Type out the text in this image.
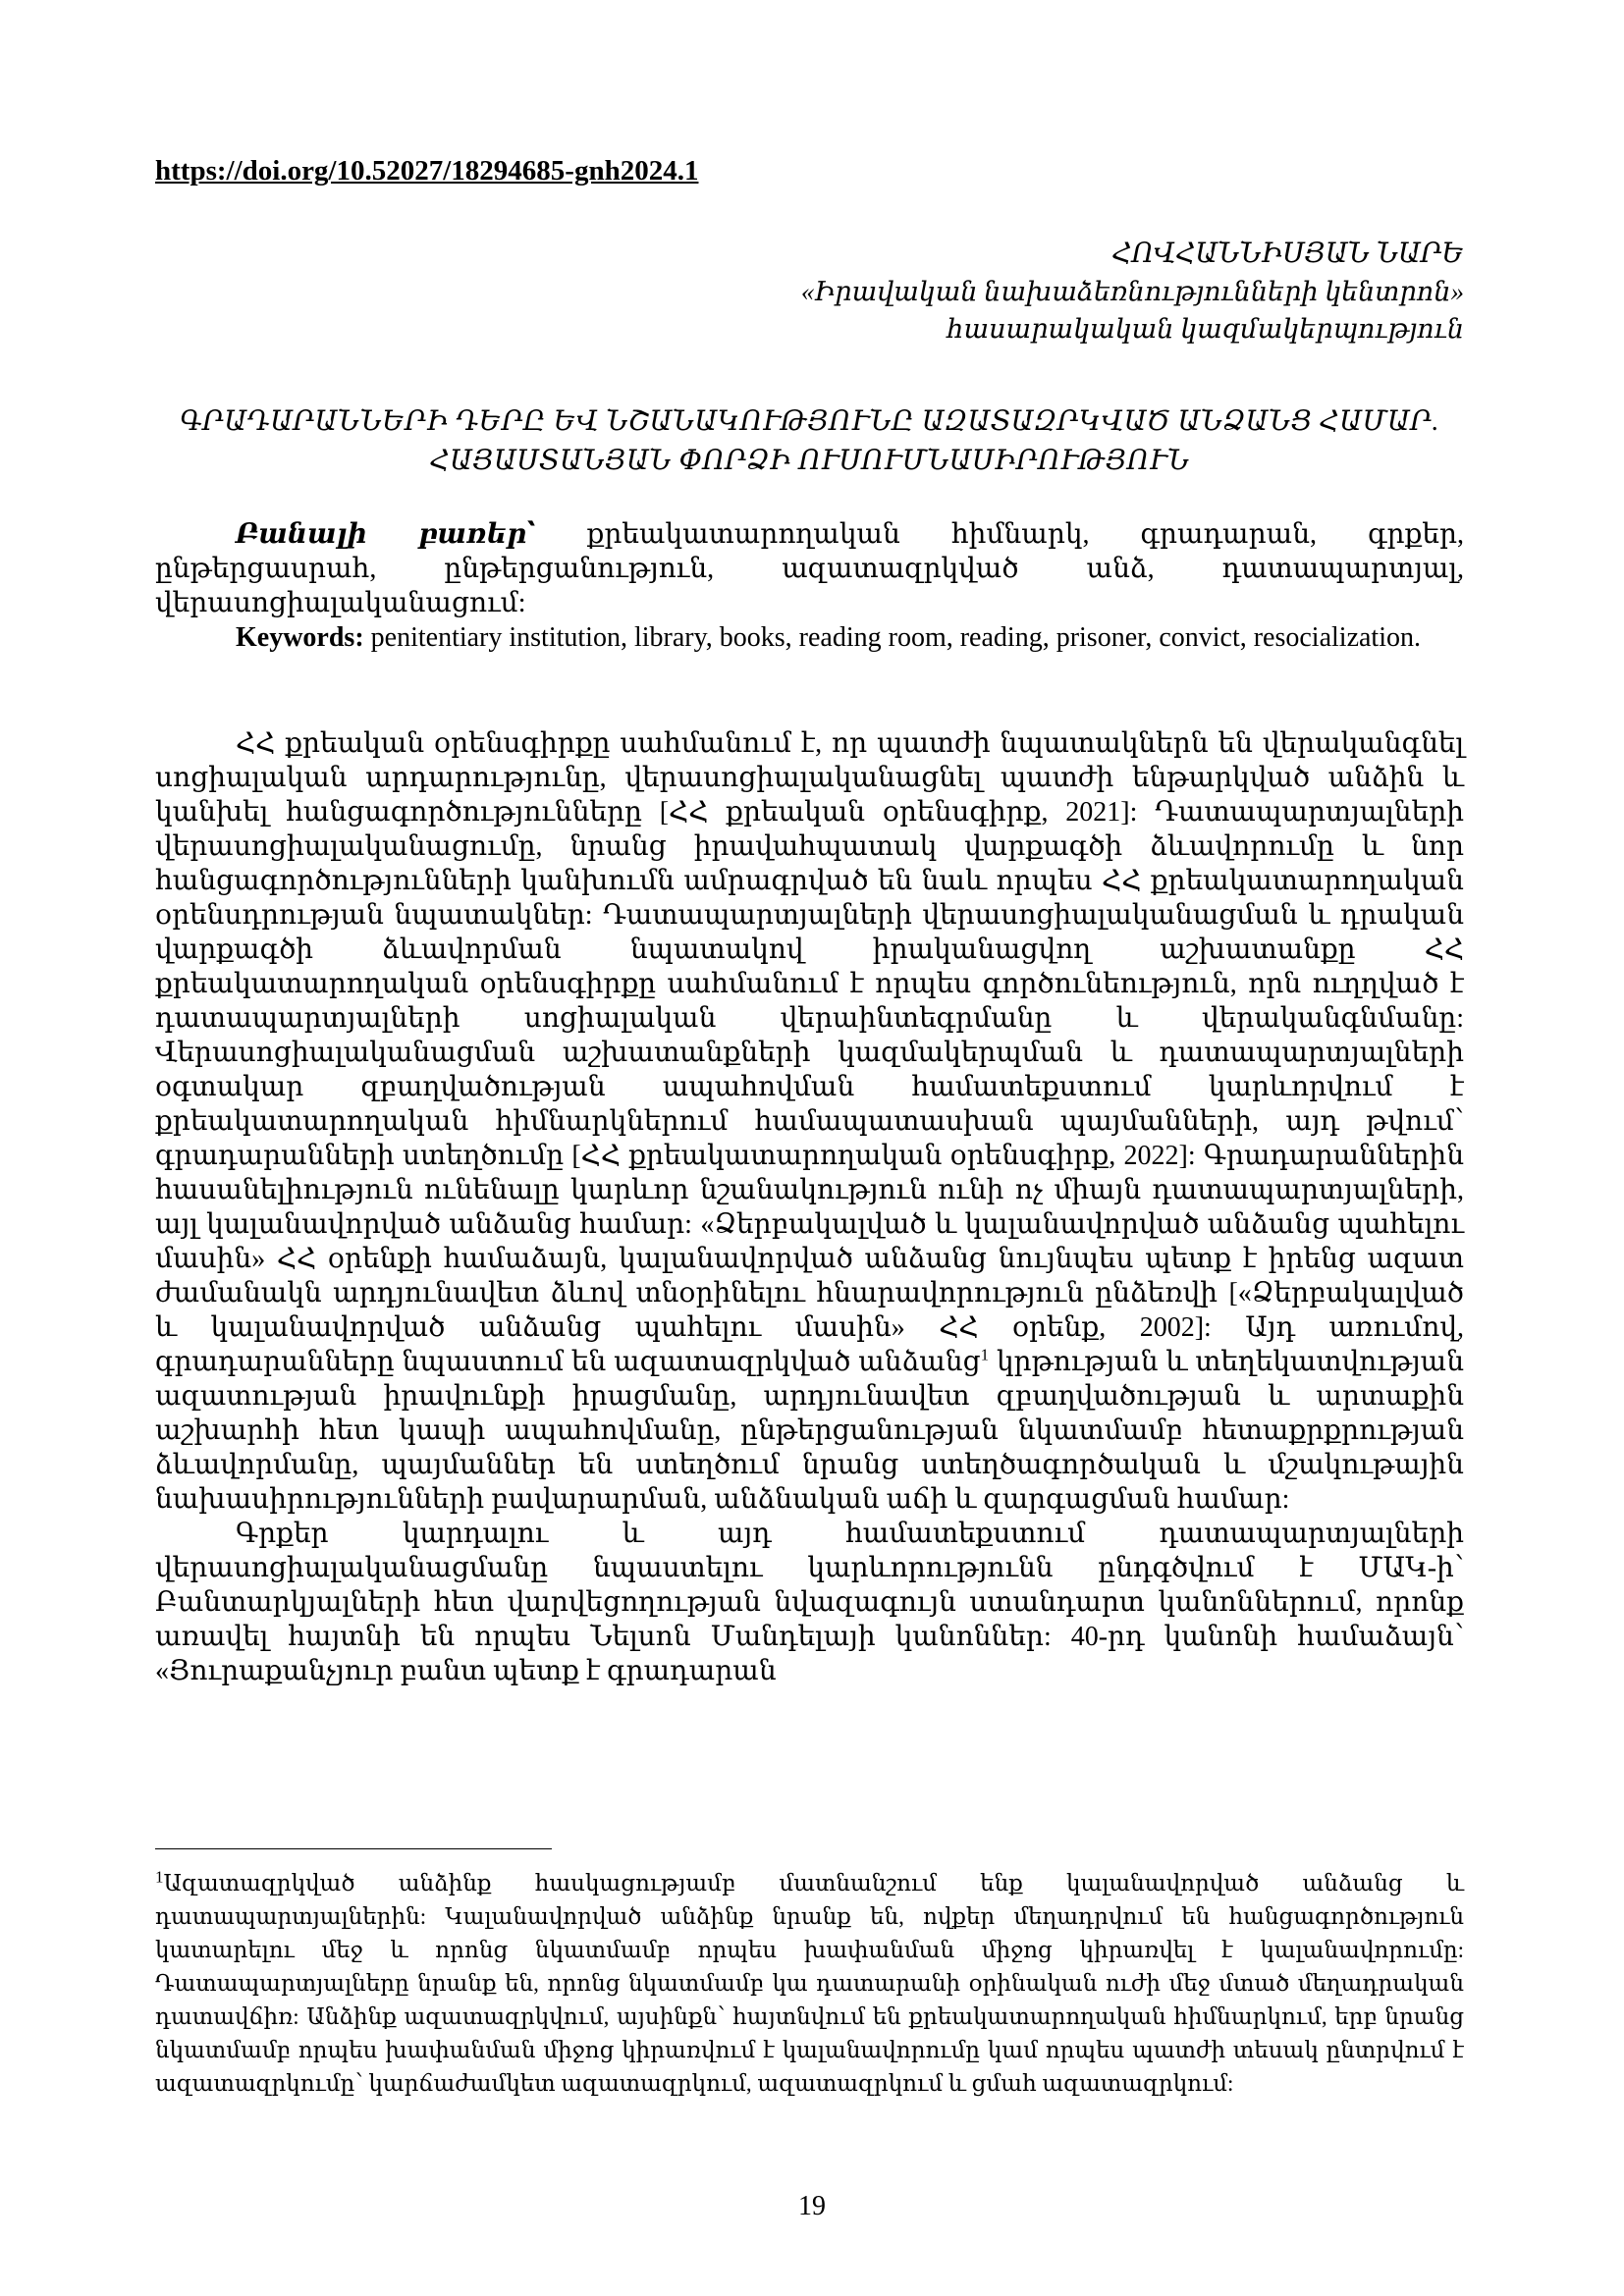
https://doi.org/10.52027/18294685-gnh2024.1
ՀՈՎՀԱՆՆԻՍՅԱՆ ՆԱՐԵ
«Իրավական նախաձեռնությունների կենտրոն»
հասարակական կազմակերպություն
ԳՐԱԴԱՐԱՆՆԵՐԻ ԴԵՐԸ ԵՎ ՆՇԱՆԱԿՈՒԹՅՈՒՆԸ ԱԶԱՏԱԶՐԿՎԱԾ ԱՆՁԱՆՑ ՀԱՄԱՐ.
ՀԱՅԱՍՏԱՆՅԱՆ ՓՈՐՁԻ ՈՒՍՈՒՄՆԱՍԻՐՈՒԹՅՈՒՆ

Բանալի բառեր՝ քրեակատարողական հիմնարկ, գրադարան, գրքեր, ընթերցասրահ, ընթերցանություն, ազատազրկված անձ, դատապարտյալ, վերասոցիալականացում:

Keywords: penitentiary institution, library, books, reading room, reading, prisoner, convict, resocialization.

ՀՀ քրեական օրենսգիրքը սահմանում է, որ պատժի նպատակներն են վերականգնել սոցիալական արդարությունը, վերասոցիալականացնել պատժի ենթարկված անձին և կանխել հանցագործությունները [ՀՀ քրեական օրենսգիրք, 2021]: Դատապարտյալների վերասոցիալականացումը, նրանց իրավահպատակ վարքագծի ձևավորումը և նոր հանցագործությունների կանխումն ամրագրված են նաև որպես ՀՀ քրեակատարողական օրենսդրության նպատակներ: Դատապարտյալների վերասոցիալականացման և դրական վարքագծի ձևավորման նպատակով իրականացվող աշխատանքը ՀՀ քրեակատարողական օրենսգիրքը սահմանում է որպես գործունեություն, որն ուղղված է դատապարտյալների սոցիալական վերաինտեգրմանը և վերականգնմանը: Վերասոցիալականացման աշխատանքների կազմակերպման և դատապարտյալների օգտակար զբաղվածության ապահովման համատեքստում կարևորվում է քրեակատարողական հիմնարկներում համապատասխան պայմանների, այդ թվում՝ գրադարանների ստեղծումը [ՀՀ քրեակատարողական օրենսգիրք, 2022]: Գրադարաններին հասանելիություն ունենալը կարևոր նշանակություն ունի ոչ միայն դատապարտյալների, այլ կալանավորված անձանց համար: «Ձերբակալված և կալանավորված անձանց պահելու մասին» ՀՀ օրենքի համաձայն, կալանավորված անձանց նույնպես պետք է իրենց ազատ ժամանակն արդյունավետ ձևով տնօրինելու հնարավորություն ընձեռվի [«Ձերբակալված և կալանավորված անձանց պահելու մասին» ՀՀ օրենք, 2002]: Այդ առումով, գրադարանները նպաստում են ազատազրկված անձանց$^1$ կրթության և տեղեկատվության ազատության իրավունքի իրացմանը, արդյունավետ զբաղվածության և արտաքին աշխարհի հետ կապի ապահովմանը, ընթերցանության նկատմամբ հետաքրքրության ձևավորմանը, պայմաններ են ստեղծում նրանց ստեղծագործական և մշակութային նախասիրությունների բավարարման, անձնական աճի և զարգացման համար:

Գրքեր կարդալու և այդ համատեքստում դատապարտյալների վերասոցիալականացմանը նպաստելու կարևորությունն ընդգծվում է ՄԱԿ-ի՝ Բանտարկյալների հետ վարվեցողության նվազագույն ստանդարտ կանոններում, որոնք առավել հայտնի են որպես Նելսոն Մանդելայի կանոններ: 40-րդ կանոնի համաձայն՝ «Յուրաքանչյուր բանտ պետք է գրադարան

$^1$Ազատազրկված անձինք հասկացությամբ մատնանշում ենք կալանավորված անձանց և դատապարտյալներին: Կալանավորված անձինք նրանք են, ովքեր մեղադրվում են հանցագործություն կատարելու մեջ և որոնց նկատմամբ որպես խափանման միջոց կիրառվել է կալանավորումը: Դատապարտյալները նրանք են, որոնց նկատմամբ կա դատարանի օրինական ուժի մեջ մտած մեղադրական դատավճիռ: Անձինք ազատազրկվում, այսինքն՝ հայտնվում են քրեակատարողական հիմնարկում, երբ նրանց նկատմամբ որպես խափանման միջոց կիրառվում է կալանավորումը կամ որպես պատժի տեսակ ընտրվում է ազատազրկումը՝ կարճաժամկետ ազատազրկում, ազատազրկում և ցմահ ազատազրկում:

19
